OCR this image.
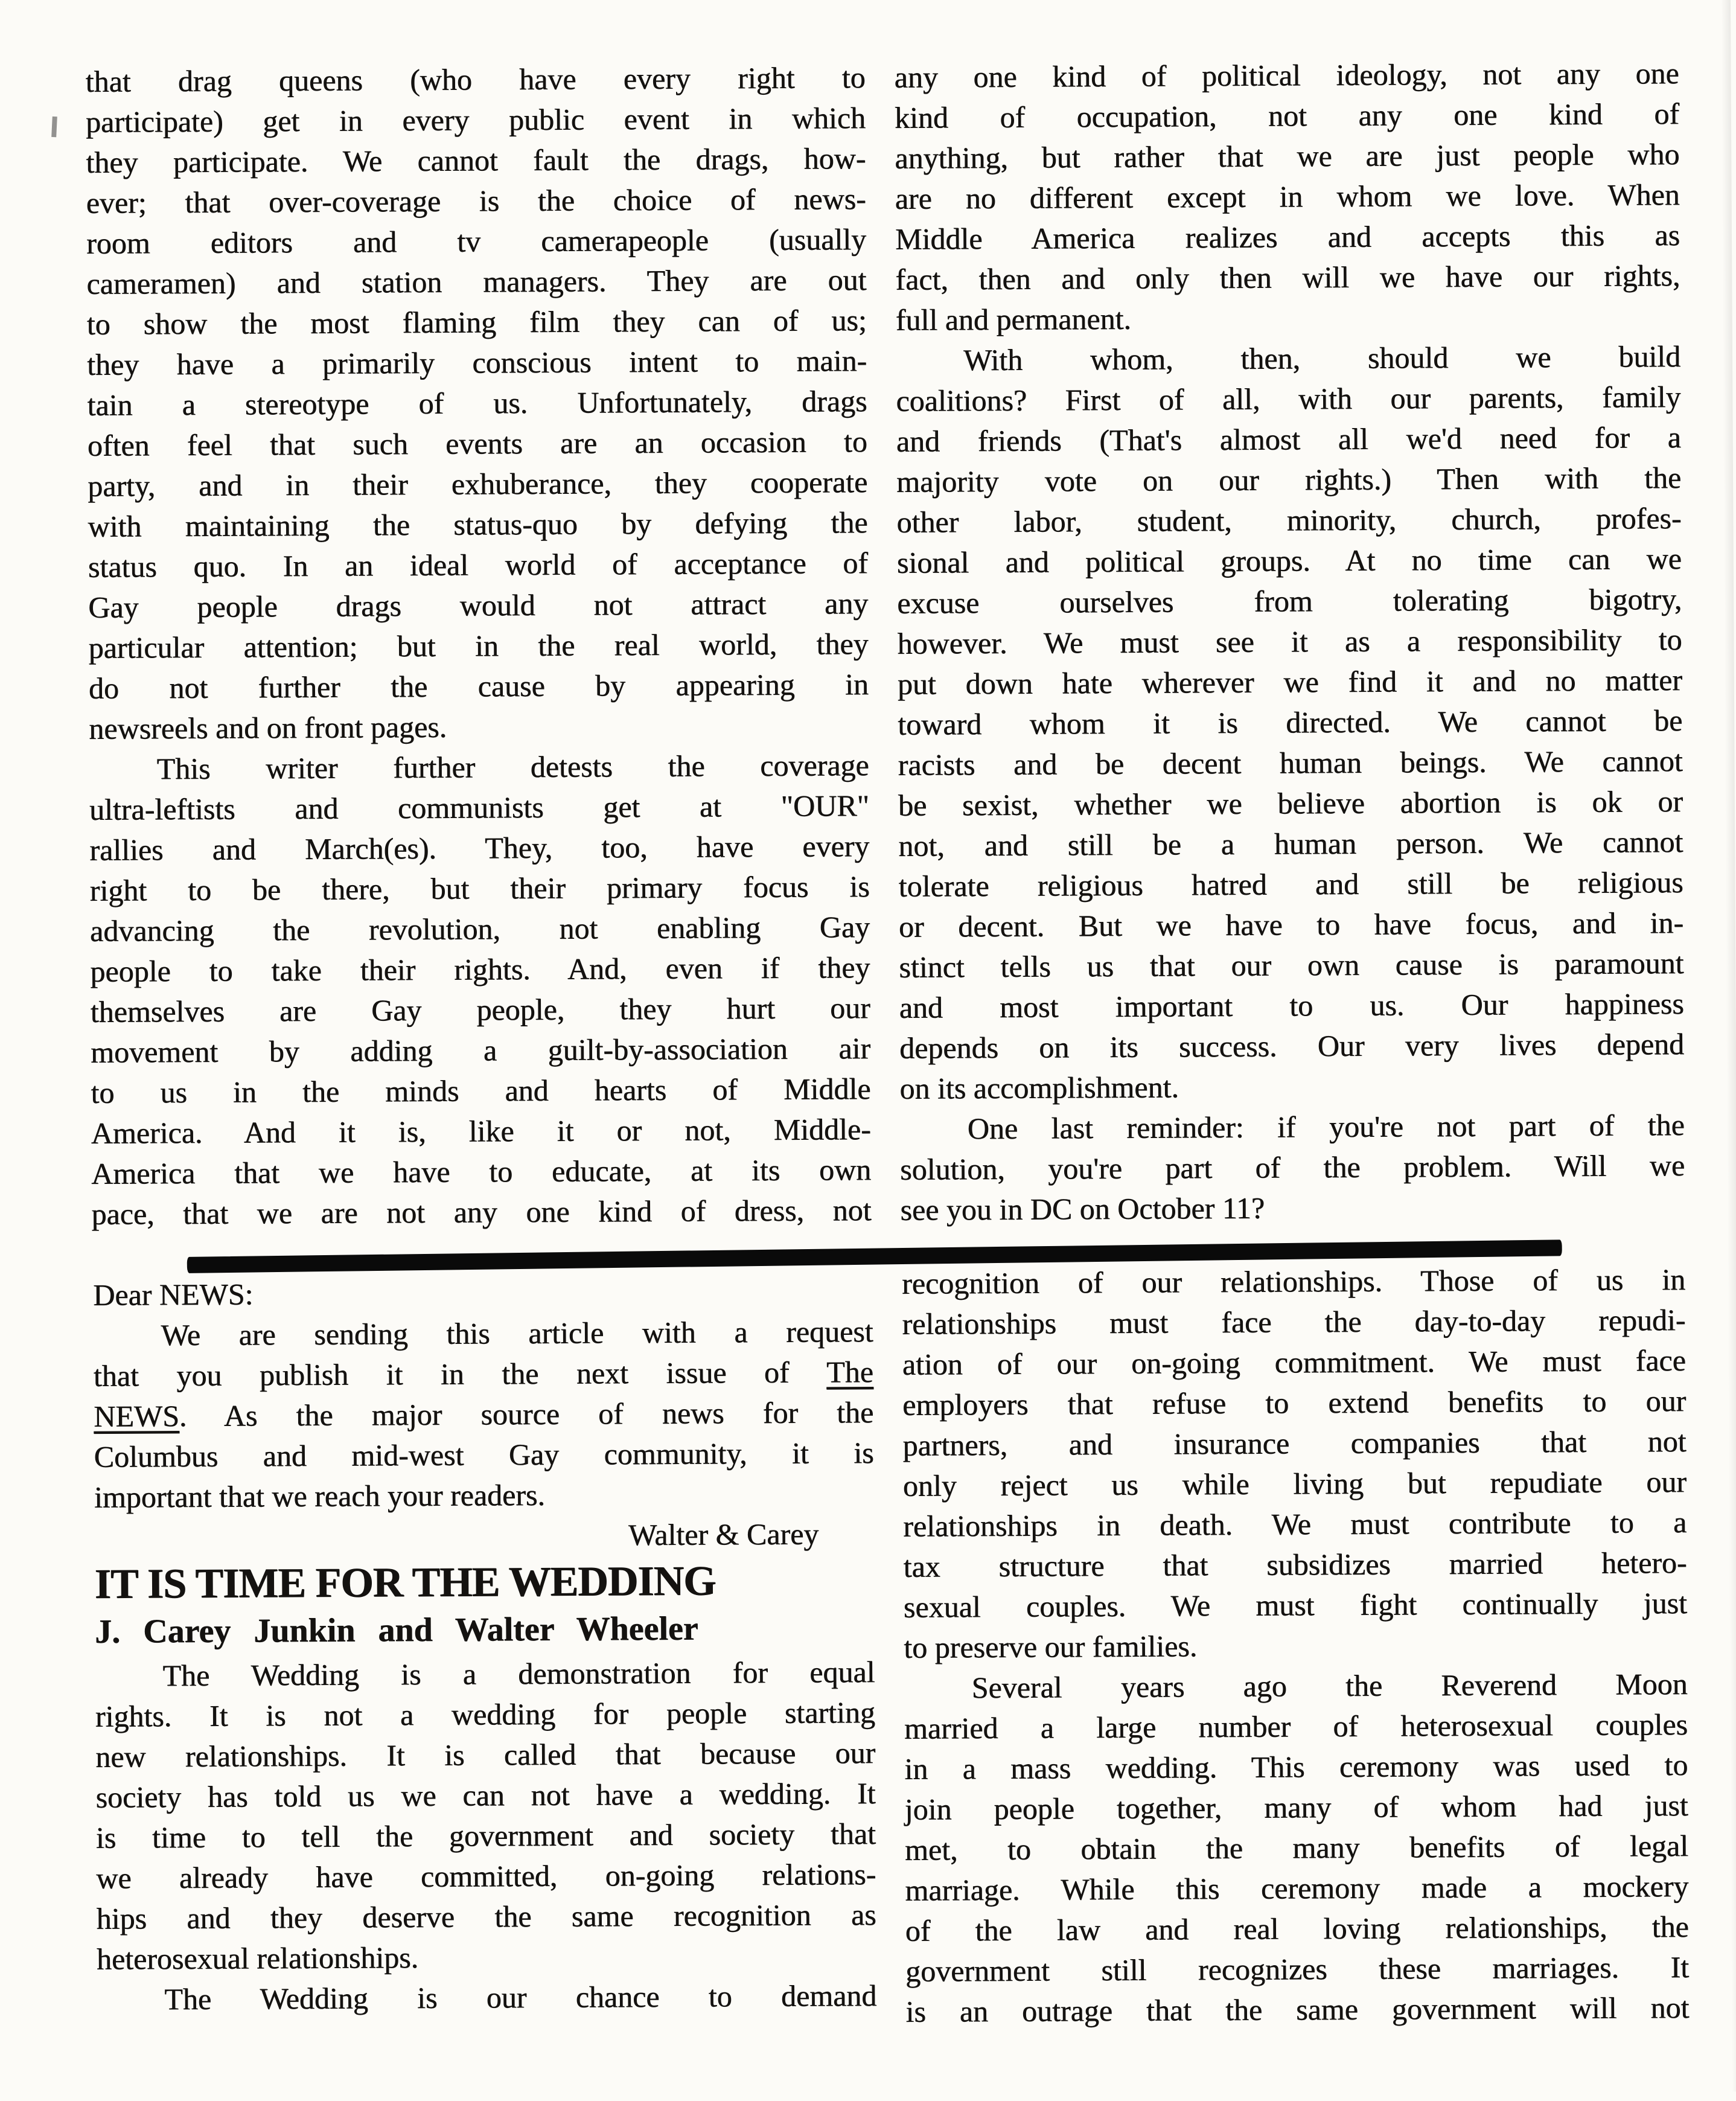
that drag queens (who have every right to
participate) get in every public event in which
they participate. We cannot fault the drags, how-
ever; that over-coverage is the choice of news-
room editors and tv camerapeople (usually
cameramen) and station managers. They are out
to show the most flaming film they can of us;
they have a primarily conscious intent to main-
tain a stereotype of us. Unfortunately, drags
often feel that such events are an occasion to
party, and in their exhuberance, they cooperate
with maintaining the status-quo by defying the
status quo. In an ideal world of acceptance of
Gay people drags would not attract any
particular attention; but in the real world, they
do not further the cause by appearing in
newsreels and on front pages.
This writer further detests the coverage
ultra-leftists and communists get at "OUR"
rallies and March(es). They, too, have every
right to be there, but their primary focus is
advancing the revolution, not enabling Gay
people to take their rights. And, even if they
themselves are Gay people, they hurt our
movement by adding a guilt-by-association air
to us in the minds and hearts of Middle
America. And it is, like it or not, Middle-
America that we have to educate, at its own
pace, that we are not any one kind of dress, not
any one kind of political ideology, not any one
kind of occupation, not any one kind of
anything, but rather that we are just people who
are no different except in whom we love. When
Middle America realizes and accepts this as
fact, then and only then will we have our rights,
full and permanent.
With whom, then, should we build
coalitions? First of all, with our parents, family
and friends (That's almost all we'd need for a
majority vote on our rights.) Then with the
other labor, student, minority, church, profes-
sional and political groups. At no time can we
excuse ourselves from tolerating bigotry,
however. We must see it as a responsibility to
put down hate wherever we find it and no matter
toward whom it is directed. We cannot be
racists and be decent human beings. We cannot
be sexist, whether we believe abortion is ok or
not, and still be a human person. We cannot
tolerate religious hatred and still be religious
or decent. But we have to have focus, and in-
stinct tells us that our own cause is paramount
and most important to us. Our happiness
depends on its success. Our very lives depend
on its accomplishment.
One last reminder: if you're not part of the
solution, you're part of the problem. Will we
see you in DC on October 11?
Dear NEWS:
We are sending this article with a request
that you publish it in the next issue of The
NEWS. As the major source of news for the
Columbus and mid-west Gay community, it is
important that we reach your readers.
Walter & Carey
IT IS TIME FOR THE WEDDING
J. Carey Junkin and Walter Wheeler
The Wedding is a demonstration for equal
rights. It is not a wedding for people starting
new relationships. It is called that because our
society has told us we can not have a wedding. It
is time to tell the government and society that
we already have committed, on-going relations-
hips and they deserve the same recognition as
heterosexual relationships.
The Wedding is our chance to demand
recognition of our relationships. Those of us in
relationships must face the day-to-day repudi-
ation of our on-going commitment. We must face
employers that refuse to extend benefits to our
partners, and insurance companies that not
only reject us while living but repudiate our
relationships in death. We must contribute to a
tax structure that subsidizes married hetero-
sexual couples. We must fight continually just
to preserve our families.
Several years ago the Reverend Moon
married a large number of heterosexual couples
in a mass wedding. This ceremony was used to
join people together, many of whom had just
met, to obtain the many benefits of legal
marriage. While this ceremony made a mockery
of the law and real loving relationships, the
government still recognizes these marriages. It
is an outrage that the same government will not
